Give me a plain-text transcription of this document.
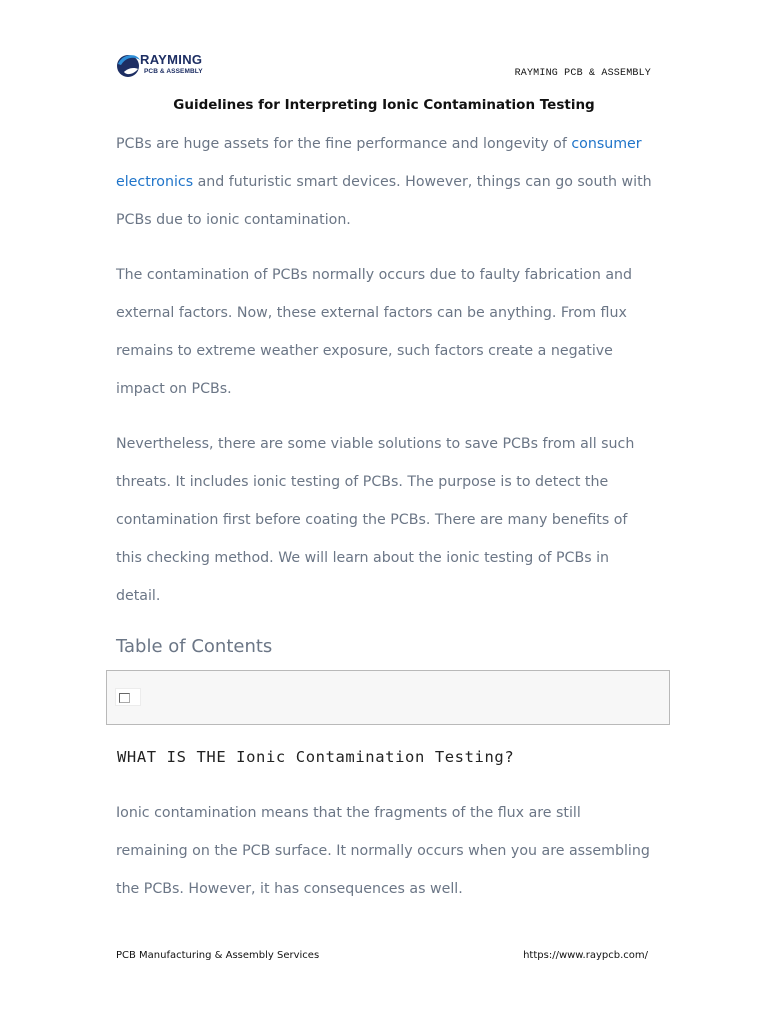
RAYMING
PCB & ASSEMBLY	RAYMING PCB & ASSEMBLY
Guidelines for Interpreting Ionic Contamination Testing
PCBs are huge assets for the fine performance and longevity of consumer electronics and futuristic smart devices. However, things can go south with PCBs due to ionic contamination.
The contamination of PCBs normally occurs due to faulty fabrication and external factors. Now, these external factors can be anything. From flux remains to extreme weather exposure, such factors create a negative impact on PCBs.
Nevertheless, there are some viable solutions to save PCBs from all such threats. It includes ionic testing of PCBs. The purpose is to detect the contamination first before coating the PCBs. There are many benefits of this checking method. We will learn about the ionic testing of PCBs in detail.
Table of Contents
WHAT IS THE Ionic Contamination Testing?
Ionic contamination means that the fragments of the flux are still remaining on the PCB surface. It normally occurs when you are assembling the PCBs. However, it has consequences as well.
PCB Manufacturing & Assembly Services	https://www.raypcb.com/
